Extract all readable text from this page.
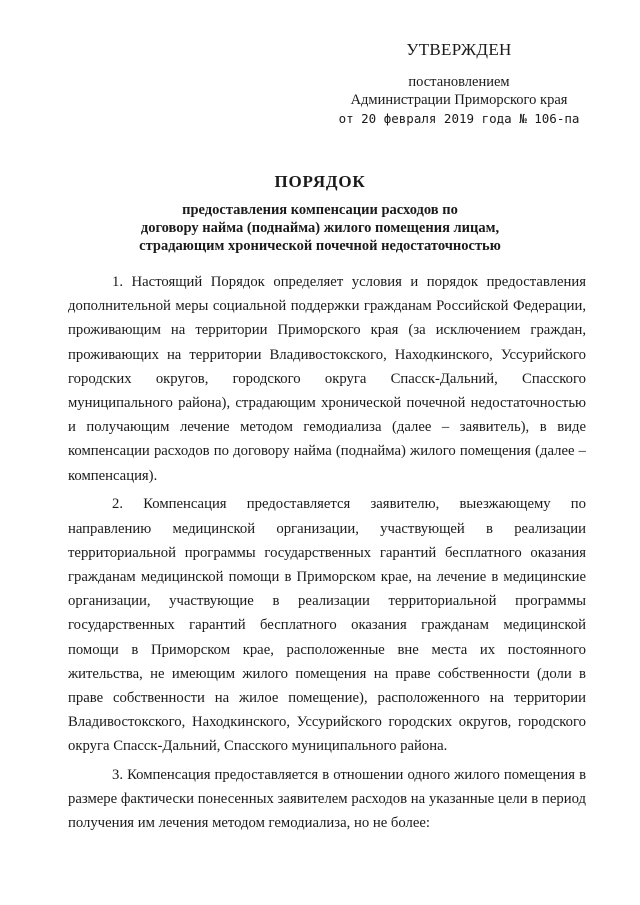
УТВЕРЖДЕН
постановлением
Администрации Приморского края
от 20 февраля 2019 года № 106-па
ПОРЯДОК
предоставления компенсации расходов по
договору найма (поднайма) жилого помещения лицам,
страдающим хронической почечной недостаточностью

1. Настоящий Порядок определяет условия и порядок предоставления дополнительной меры социальной поддержки гражданам Российской Федерации, проживающим на территории Приморского края (за исключением граждан, проживающих на территории Владивостокского, Находкинского, Уссурийского городских округов, городского округа Спасск-Дальний, Спасского муниципального района), страдающим хронической почечной недостаточностью и получающим лечение методом гемодиализа (далее – заявитель), в виде компенсации расходов по договору найма (поднайма) жилого помещения (далее – компенсация).

2. Компенсация предоставляется заявителю, выезжающему по направлению медицинской организации, участвующей в реализации территориальной программы государственных гарантий бесплатного оказания гражданам медицинской помощи в Приморском крае, на лечение в медицинские организации, участвующие в реализации территориальной программы государственных гарантий бесплатного оказания гражданам медицинской помощи в Приморском крае, расположенные вне места их постоянного жительства, не имеющим жилого помещения на праве собственности (доли в праве собственности на жилое помещение), расположенного на территории Владивостокского, Находкинского, Уссурийского городских округов, городского округа Спасск-Дальний, Спасского муниципального района.

3. Компенсация предоставляется в отношении одного жилого помещения в размере фактически понесенных заявителем расходов на указанные цели в период получения им лечения методом гемодиализа, но не более:
